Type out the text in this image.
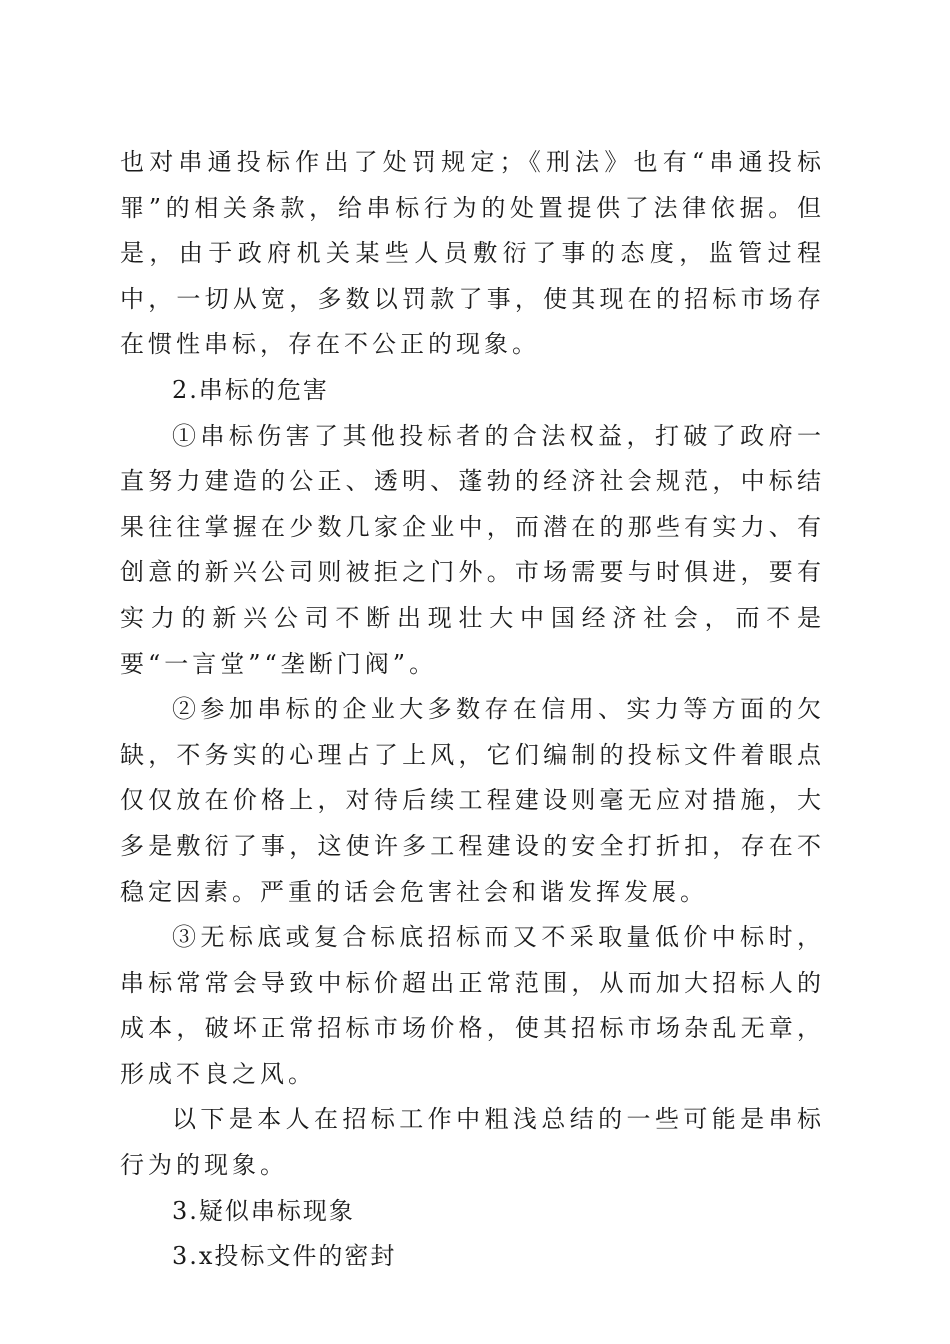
也对串通投标作出了处罚规定；《刑法》也有“串通投标罪”的相关条款，给串标行为的处置提供了法律依据。但是，由于政府机关某些人员敷衍了事的态度，监管过程中，一切从宽，多数以罚款了事，使其现在的招标市场存在惯性串标，存在不公正的现象。

2.串标的危害

①串标伤害了其他投标者的合法权益，打破了政府一直努力建造的公正、透明、蓬勃的经济社会规范，中标结果往往掌握在少数几家企业中，而潜在的那些有实力、有创意的新兴公司则被拒之门外。市场需要与时俱进，要有实力的新兴公司不断出现壮大中国经济社会，而不是要“一言堂”“垄断门阀”。

②参加串标的企业大多数存在信用、实力等方面的欠缺，不务实的心理占了上风，它们编制的投标文件着眼点仅仅放在价格上，对待后续工程建设则毫无应对措施，大多是敷衍了事，这使许多工程建设的安全打折扣，存在不稳定因素。严重的话会危害社会和谐发挥发展。

③无标底或复合标底招标而又不采取量低价中标时，串标常常会导致中标价超出正常范围，从而加大招标人的成本，破坏正常招标市场价格，使其招标市场杂乱无章，形成不良之风。

以下是本人在招标工作中粗浅总结的一些可能是串标行为的现象。

3.疑似串标现象

3.x投标文件的密封
